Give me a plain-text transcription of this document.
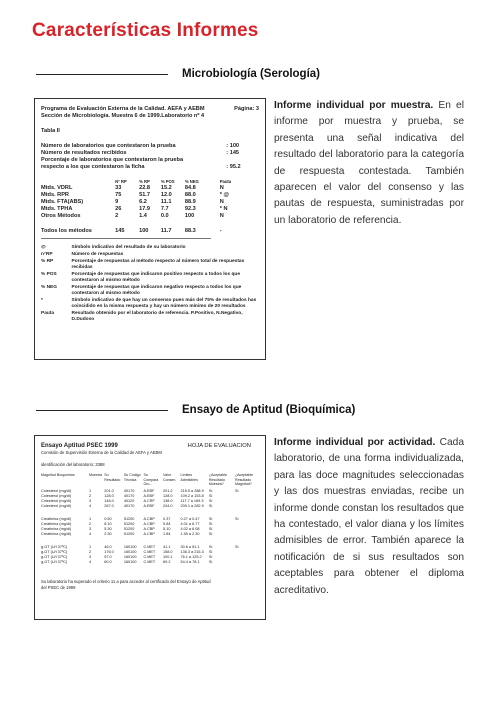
Características Informes
Microbiología (Serología)
Programa de Evaluación Externa de la Calidad. AEFA y AEBM	Página: 3
Sección de Microbiología. Muestra 6 de 1999.Laboratorio nº 4
Tabla II
Número de laboratorios que contestaron la prueba	: 100
Número de resultados recibidos	: 145
Porcentaje de laboratorios que contestaron la prueba	
respecto a los que contestaron la ficha	: 95.2
	Nº RP	% RP	% POS	% NEG	Pauta
Mtds. VDRL	33	22.8	15.2	84.8	N
Mtds. RPR	75	51.7	12.0	88.0	* @
Mtds. FTA(ABS)	9	6.2	11.1	88.9	N
Mtds. TPHA	26	17.9	7.7	92.3	* N
Otros Métodos	2	1.4	0.0	100	N
Todos los métodos	145	100	11.7	88.3	-
@	Símbolo indicativo del resultado de su laboratorio
n°RP	Número de respuestas
% RP	Porcentaje de respuestas al método respecto al número total de respuestas recibidas
% POS	Porcentaje de respuestas que indicaron positivo respecto a todos los que contestaron al mismo método
% NEG	Porcentaje de respuestas que indicaron negativo respecto a todos los que contestaron al mismo método
*	Símbolo indicativo de que hay un consenso pues más del 75% de resultados has coincidido en la misma respuesta y hay un número mínimo de 20 resultados
Pauta	Resultado obtenido por el laboratorio de referencia. P.Positivo, N.Negativo, D.Dudoso
Informe individual por muestra. En el informe por muestra y prueba, se presenta una señal indicativa del resultado del laboratorio para la categoría de respuesta contestada. También aparecen el valor del consenso y las pautas de respuesta, suministradas por un laboratorio de referencia.
Ensayo de Aptitud (Bioquímica)
Ensayo Aptitud PSEC 1999
Comisión de Supervisión Externa de la Calidad de AEFA y AEBM
HOJA DE EVALUACION
identificación del laboratorio: 3388
Magnitud Bioquímica	Muestra	Su Resultado	Su Código Técnica	Su Compara Gru...	Valor Consen.	Límites Admisibles	¿Aceptable Resultado Muestra?	¿Aceptable Resultado Magnitud?
Colesterol (mg/dl)	1	201.0	40170	A.EBF	201.2	215.5 a 288.9	Sí	Sí
Colesterol (mg/dl)	2	128.0	40170	A.EBF	128.0	109.2 a 153.8	Sí	
Colesterol (mg/dl)	3	146.0	40120	A.CRF	138.0	117.7 a 169.3	Sí	
Colesterol (mg/dl)	4	267.0	40170	A.EBF	244.0	209.1 a 282.9	Sí	
Creatinina (mg/dl)	1	0.50	51200	A.CBP	0.37	0.27 a 0.47	Sí	Sí
Creatinina (mg/dl)	2	6.10	51200	A.CBP	5.84	4.01 a 6.77	Sí	
Creatinina (mg/dl)	3	5.30	51200	A.CBP	5.10	4.02 a 6.08	Sí	
Creatinina (mg/dl)	4	2.30	51200	A.CBP	1.84	1.55 a 2.30	Sí	
g-GT (U/l 37ºC)	1	46.0	160100	C.MET	41.1	30.6 a 51.1	Sí	Sí
g-GT (U/l 37ºC)	2	176.0	160100	C.MET	158.0	136.3 a 215.3	Sí	
g-GT (U/l 37ºC)	3	97.0	160100	C.MET	100.1	76.1 a 125.2	Sí	
g-GT (U/l 37ºC)	4	60.0	160100	C.MET	69.2	54.4 a 78.1	Sí	
Su laboratorio ha superado el criterio 11 a para acceder al certificado del Ensayo de Aptitud del PSEC de 1999
Informe individual por actividad. Cada laboratorio, de una forma individualizada, para las doce magnitudes seleccionadas y las dos muestras enviadas, recibe un informe donde constan los resultados que ha contestado, el valor diana y los límites admisibles de error. También aparece la notificación de si sus resultados son aceptables para obtener el diploma acreditativo.
